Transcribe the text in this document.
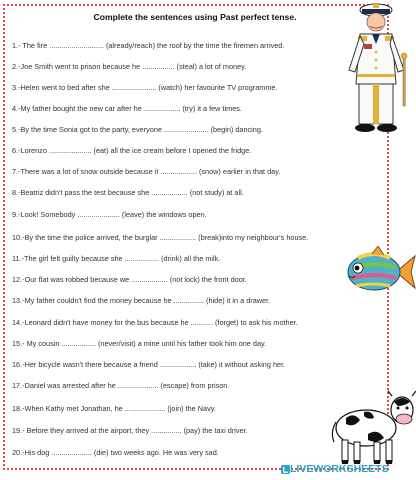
Complete the sentences using Past perfect tense.
1.- The fire ........................... (already/reach) the roof by the time the firemen arrived.
2.-Joe Smith went to prison because he ................ (steal) a lot of money.
3.-Helen went to bed after she ...................... (watch) her favourite TV programme.
4.-My father bought the new car after he .................. (try) it a few times.
5.-By the time Sonia got to the party, everyone ...................... (begin) dancing.
6.-Lorenzo ..................... (eat) all the ice cream before I opened the fridge.
7.-There was a lot of snow outside because it .................. (snow) earlier in that day.
8.-Beatriz didn't pass the test because she .................. (not study) at all.
9.-Look! Somebody ..................... (leave) the windows open.
10.-By the time the police arrived, the burglar .................. (break)into my neighbour's house.
11.-The girl felt guilty because she ................. (drink) all the milk.
12.-Our flat was robbed because we .................. (not lock) the front door.
13.-My father couldn't find the money because he ............... (hide) it in a drawer.
14.-Leonard didn't have money for the bus because he ........... (forget) to ask his mother.
15.- My cousin ................. (never/visit) a mine until his father took him one day.
16.-Her bicycle wasn't there because a friend .................. (take) it without asking her.
17.-Daniel was arrested after he .................... (escape) from prison.
18.-When Kathy met Jonathan, he .................... (join) the Navy.
19.- Before they arrived at the airport, they ............... (pay) the taxi driver.
20.-His dog .................... (die) two weeks ago. He was very sad.
LIVEWORKSHEETS
